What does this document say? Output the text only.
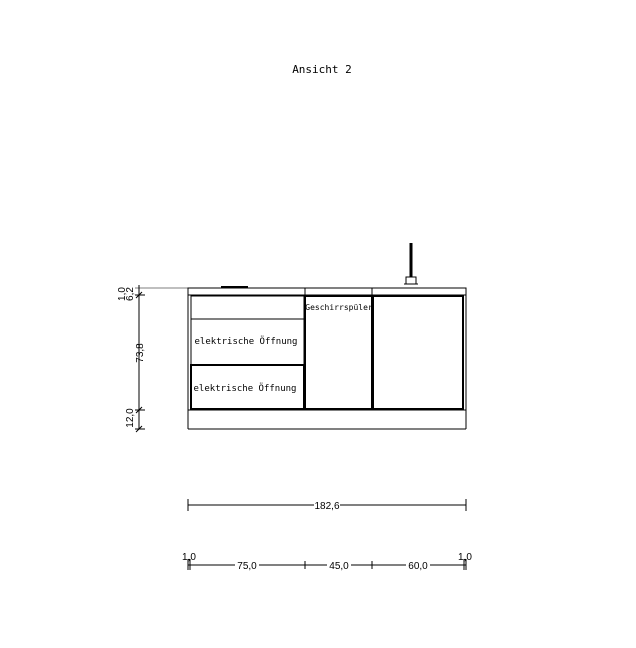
Ansicht 2
elektrische Öffnung
elektrische Öffnung
Geschirrspüler
1,0
6,2
73,8
12,0
182,6
1,0
75,0	45,0	60,0
1,0
